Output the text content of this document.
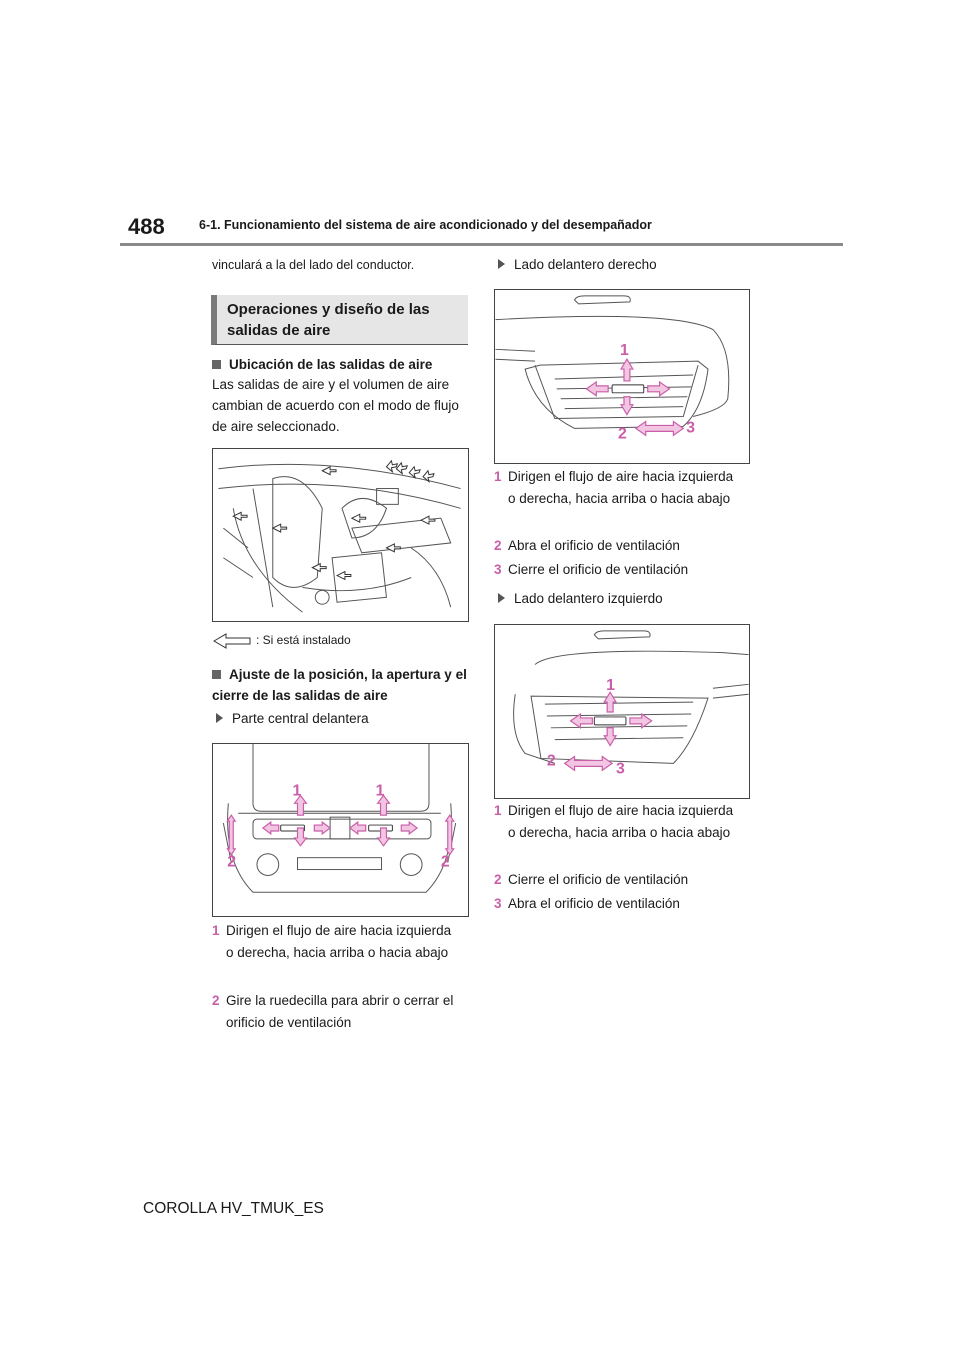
488	6-1. Funcionamiento del sistema de aire acondicionado y del desempañador
vinculará a la del lado del conductor.
Operaciones y diseño de las salidas de aire
Ubicación de las salidas de aire
Las salidas de aire y el volumen de aire cambian de acuerdo con el modo de flujo de aire seleccionado.
: Si está instalado
Ajuste de la posición, la apertura y el cierre de las salidas de aire
Parte central delantera
1	1
2	2
1 Dirigen el flujo de aire hacia izquierda o derecha, hacia arriba o hacia abajo
2 Gire la ruedecilla para abrir o cerrar el orificio de ventilación
Lado delantero derecho
1
2	3
1 Dirigen el flujo de aire hacia izquierda o derecha, hacia arriba o hacia abajo
2 Abra el orificio de ventilación
3 Cierre el orificio de ventilación
Lado delantero izquierdo
1
2	3
1 Dirigen el flujo de aire hacia izquierda o derecha, hacia arriba o hacia abajo
2 Cierre el orificio de ventilación
3 Abra el orificio de ventilación
COROLLA HV_TMUK_ES
